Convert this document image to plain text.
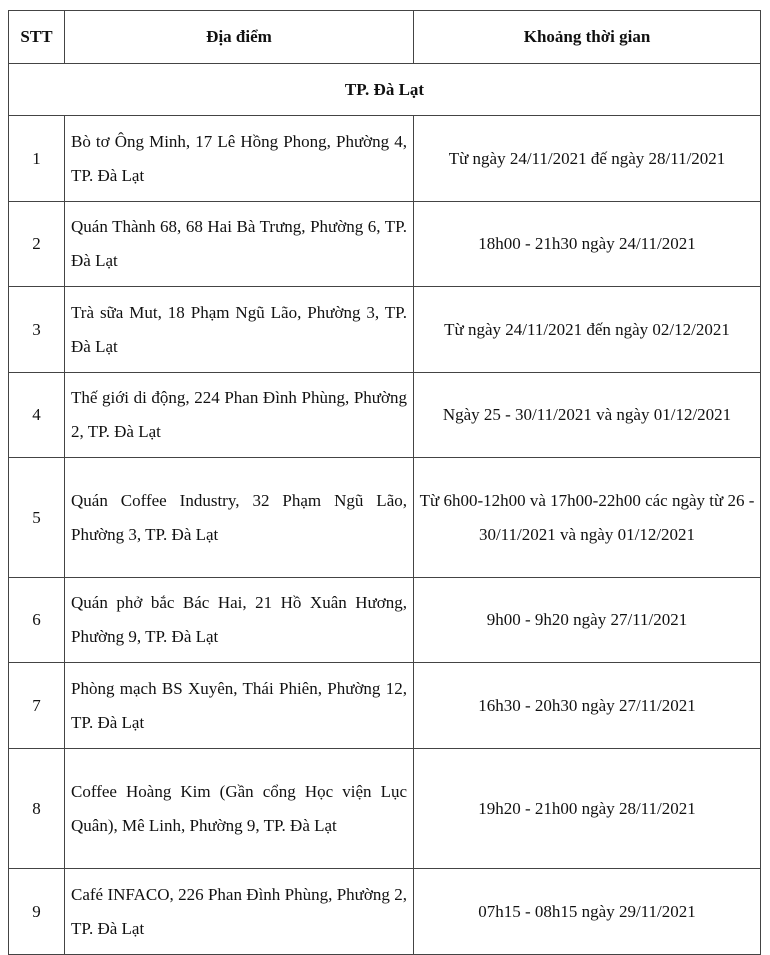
STT	Địa điểm	Khoảng thời gian
TP. Đà Lạt		
1	Bò tơ Ông Minh, 17 Lê Hồng Phong, Phường 4, TP. Đà Lạt	Từ ngày 24/11/2021 đế ngày 28/11/2021
2	Quán Thành 68, 68 Hai Bà Trưng, Phường 6, TP. Đà Lạt	18h00 - 21h30 ngày 24/11/2021
3	Trà sữa Mut, 18 Phạm Ngũ Lão, Phường 3, TP. Đà Lạt	Từ ngày 24/11/2021 đến ngày 02/12/2021
4	Thế giới di động, 224 Phan Đình Phùng, Phường 2, TP. Đà Lạt	Ngày 25 - 30/11/2021 và ngày 01/12/2021
5	Quán Coffee Industry, 32 Phạm Ngũ Lão, Phường 3, TP. Đà Lạt	Từ 6h00-12h00 và 17h00-22h00 các ngày từ 26 - 30/11/2021 và ngày 01/12/2021
6	Quán phở bắc Bác Hai, 21 Hồ Xuân Hương, Phường 9, TP. Đà Lạt	9h00 - 9h20 ngày 27/11/2021
7	Phòng mạch BS Xuyên, Thái Phiên, Phường 12, TP. Đà Lạt	16h30 - 20h30 ngày 27/11/2021
8	Coffee Hoàng Kim (Gần cổng Học viện Lục Quân), Mê Linh, Phường 9, TP. Đà Lạt	19h20 - 21h00 ngày 28/11/2021
9	Café INFACO, 226 Phan Đình Phùng, Phường 2, TP. Đà Lạt	07h15 - 08h15 ngày 29/11/2021
